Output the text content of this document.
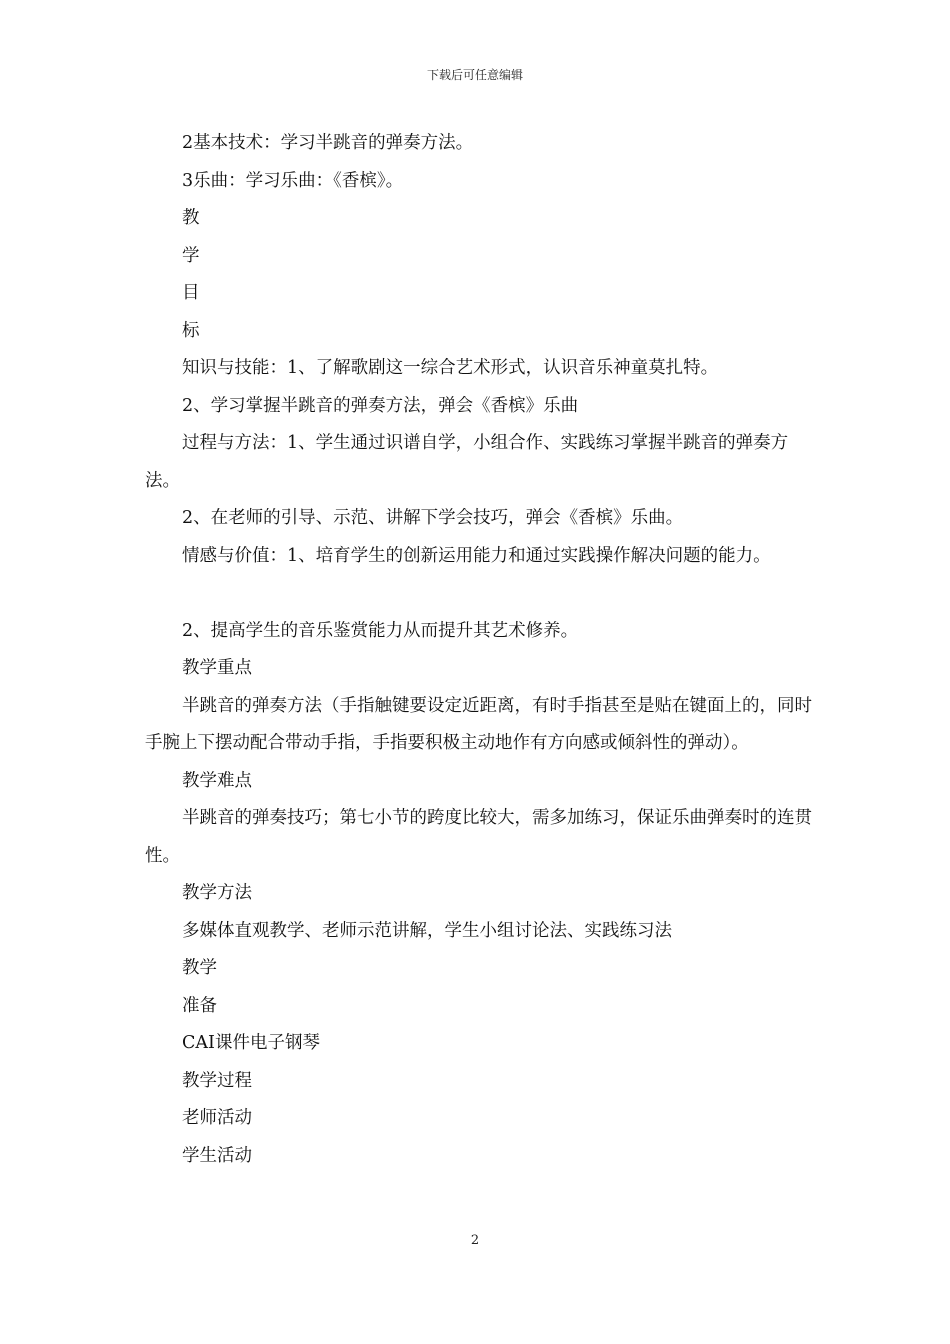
下载后可任意编辑

2基本技术：学习半跳音的弹奏方法。

3乐曲：学习乐曲：《香槟》。

教

学

目

标

知识与技能：1、了解歌剧这一综合艺术形式，认识音乐神童莫扎特。

2、学习掌握半跳音的弹奏方法，弹会《香槟》乐曲

过程与方法：1、学生通过识谱自学，小组合作、实践练习掌握半跳音的弹奏方法。

2、在老师的引导、示范、讲解下学会技巧，弹会《香槟》乐曲。

情感与价值：1、培育学生的创新运用能力和通过实践操作解决问题的能力。

2、提高学生的音乐鉴赏能力从而提升其艺术修养。

教学重点

半跳音的弹奏方法（手指触键要设定近距离，有时手指甚至是贴在键面上的，同时手腕上下摆动配合带动手指，手指要积极主动地作有方向感或倾斜性的弹动）。

教学难点

半跳音的弹奏技巧；第七小节的跨度比较大，需多加练习，保证乐曲弹奏时的连贯性。

教学方法

多媒体直观教学、老师示范讲解，学生小组讨论法、实践练习法

教学

准备

CAI课件电子钢琴

教学过程

老师活动

学生活动

2
